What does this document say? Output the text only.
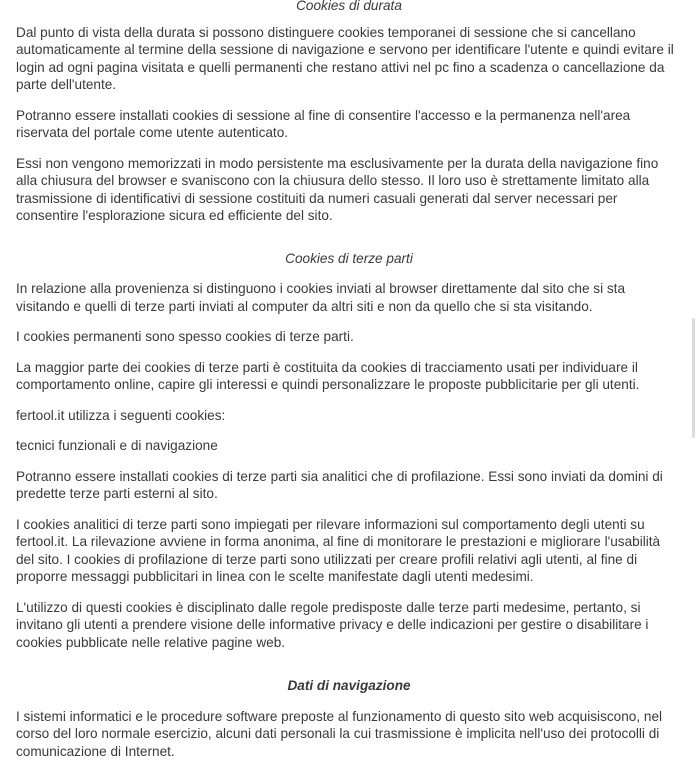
Cookies di durata

Dal punto di vista della durata si possono distinguere cookies temporanei di sessione che si cancellano automaticamente al termine della sessione di navigazione e servono per identificare l'utente e quindi evitare il login ad ogni pagina visitata e quelli permanenti che restano attivi nel pc fino a scadenza o cancellazione da parte dell'utente.

Potranno essere installati cookies di sessione al fine di consentire l'accesso e la permanenza nell'area riservata del portale come utente autenticato.

Essi non vengono memorizzati in modo persistente ma esclusivamente per la durata della navigazione fino alla chiusura del browser e svaniscono con la chiusura dello stesso. Il loro uso è strettamente limitato alla trasmissione di identificativi di sessione costituiti da numeri casuali generati dal server necessari per consentire l'esplorazione sicura ed efficiente del sito.

Cookies di terze parti

In relazione alla provenienza si distinguono i cookies inviati al browser direttamente dal sito che si sta visitando e quelli di terze parti inviati al computer da altri siti e non da quello che si sta visitando.

I cookies permanenti sono spesso cookies di terze parti.

La maggior parte dei cookies di terze parti è costituita da cookies di tracciamento usati per individuare il comportamento online, capire gli interessi e quindi personalizzare le proposte pubblicitarie per gli utenti.

fertool.it utilizza i seguenti cookies:

tecnici funzionali e di navigazione

Potranno essere installati cookies di terze parti sia analitici che di profilazione. Essi sono inviati da domini di predette terze parti esterni al sito.

I cookies analitici di terze parti sono impiegati per rilevare informazioni sul comportamento degli utenti su fertool.it. La rilevazione avviene in forma anonima, al fine di monitorare le prestazioni e migliorare l'usabilità del sito. I cookies di profilazione di terze parti sono utilizzati per creare profili relativi agli utenti, al fine di proporre messaggi pubblicitari in linea con le scelte manifestate dagli utenti medesimi.

L'utilizzo di questi cookies è disciplinato dalle regole predisposte dalle terze parti medesime, pertanto, si invitano gli utenti a prendere visione delle informative privacy e delle indicazioni per gestire o disabilitare i cookies pubblicate nelle relative pagine web.

Dati di navigazione

I sistemi informatici e le procedure software preposte al funzionamento di questo sito web acquisiscono, nel corso del loro normale esercizio, alcuni dati personali la cui trasmissione è implicita nell'uso dei protocolli di comunicazione di Internet.
